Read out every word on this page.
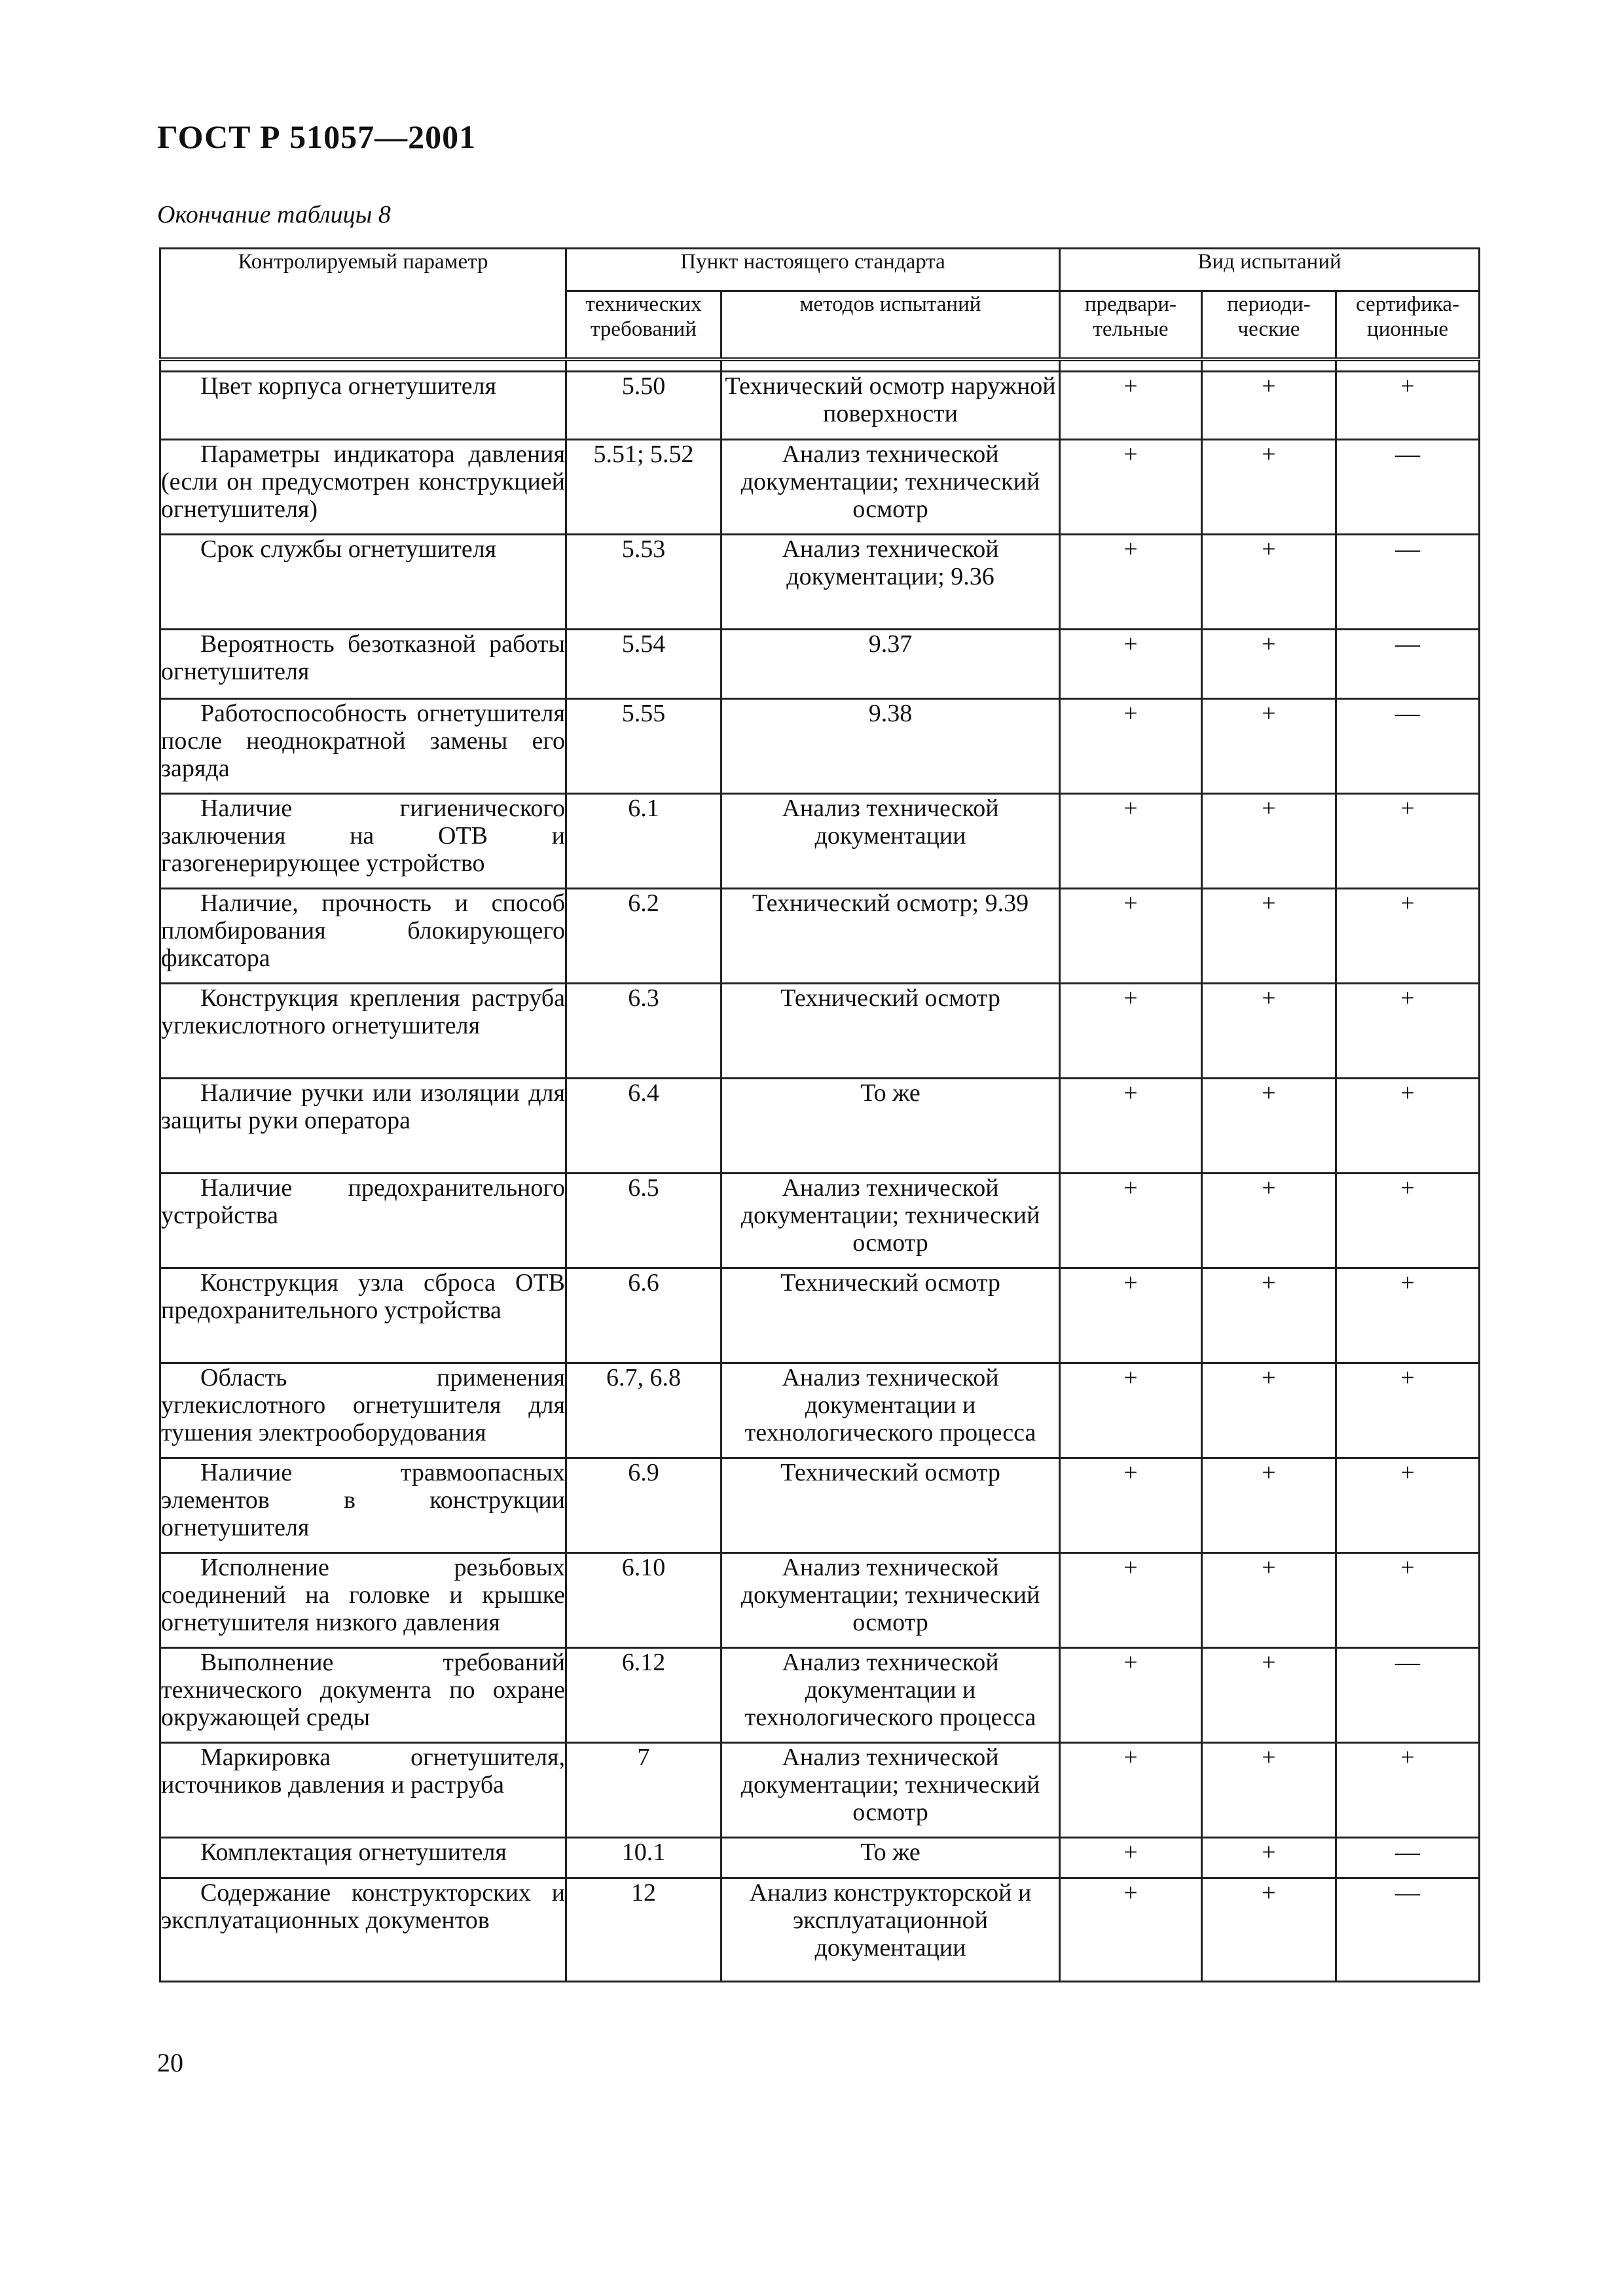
ГОСТ Р 51057—2001
Окончание таблицы 8
Контролируемый параметр	Пункт настоящего стандарта		Вид испытаний		
	технических требований	методов испытаний	предвари-тельные	периоди-ческие	сертифика-ционные

Цвет корпуса огнетушителя	5.50	Технический осмотр наружной поверхности	+	+	+
Параметры индикатора давления (если он предусмотрен конструкцией огнетушителя)	5.51; 5.52	Анализ технической документации; технический осмотр	+	+	—
Срок службы огнетушителя	5.53	Анализ технической документации; 9.36	+	+	—
Вероятность безотказной работы огнетушителя	5.54	9.37	+	+	—
Работоспособность огнетушителя после неоднократной замены его заряда	5.55	9.38	+	+	—
Наличие гигиенического заключения на ОТВ и газогенерирующее устройство	6.1	Анализ технической документации	+	+	+
Наличие, прочность и способ пломбирования блокирующего фиксатора	6.2	Технический осмотр; 9.39	+	+	+
Конструкция крепления раструба углекислотного огнетушителя	6.3	Технический осмотр	+	+	+
Наличие ручки или изоляции для защиты руки оператора	6.4	То же	+	+	+
Наличие предохранительного устройства	6.5	Анализ технической документации; технический осмотр	+	+	+
Конструкция узла сброса ОТВ предохранительного устройства	6.6	Технический осмотр	+	+	+
Область применения углекислотного огнетушителя для тушения электрооборудования	6.7, 6.8	Анализ технической документации и технологического процесса	+	+	+
Наличие травмоопасных элементов в конструкции огнетушителя	6.9	Технический осмотр	+	+	+
Исполнение резьбовых соединений на головке и крышке огнетушителя низкого давления	6.10	Анализ технической документации; технический осмотр	+	+	+
Выполнение требований технического документа по охране окружающей среды	6.12	Анализ технической документации и технологического процесса	+	+	—
Маркировка огнетушителя, источников давления и раструба	7	Анализ технической документации; технический осмотр	+	+	+
Комплектация огнетушителя	10.1	То же	+	+	—
Содержание конструкторских и эксплуатационных документов	12	Анализ конструкторской и эксплуатационной документации	+	+	—
20
